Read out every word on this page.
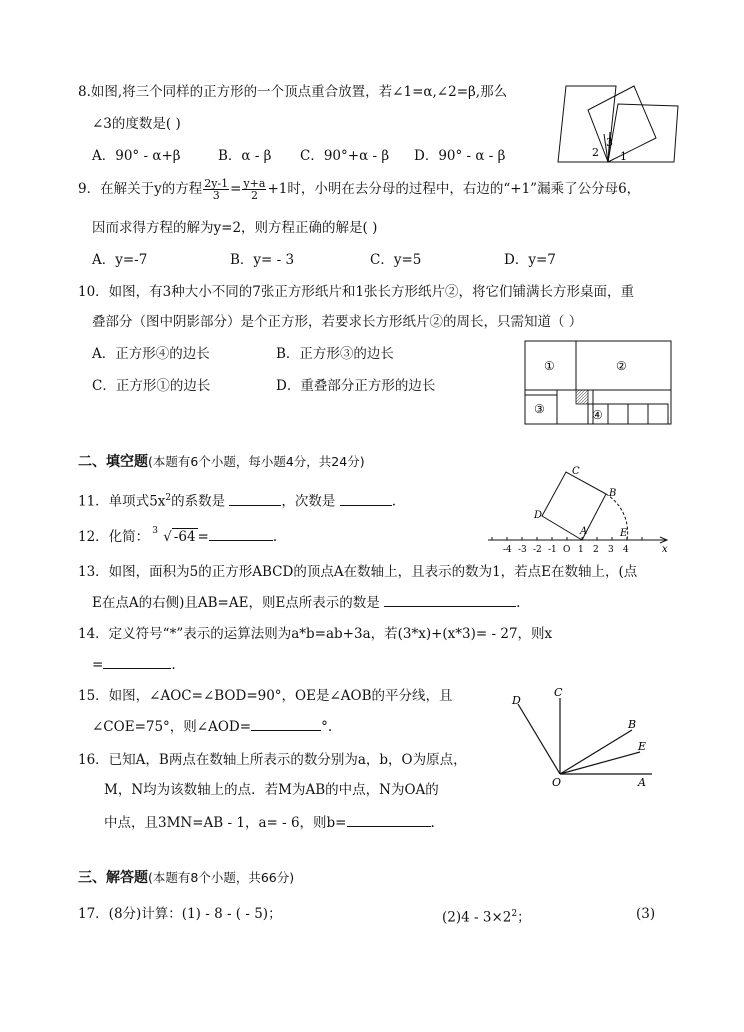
8.如图,将三个同样的正方形的一个顶点重合放置，若∠1=α,∠2=β,那么
∠3的度数是( )
A．90° - α+β	B．α - β C．90°+α - β D．90° - α - β
3
2 1
9．在解关于y的方程 $\frac{2y-1}{3} = \frac{y+a}{2} +1$时，小明在去分母的过程中，右边的“+1”漏乘了公分母6，
因而求得方程的解为y=2，则方程正确的解是( )
A．y=-7	B．y= - 3	C．y=5	D．y=7
10．如图，有3种大小不同的7张正方形纸片和1张长方形纸片②，将它们铺满长方形桌面，重
叠部分（图中阴影部分）是个正方形，若要求长方形纸片②的周长，只需知道（ ）
A．正方形④的边长	B．正方形③的边长
C．正方形①的边长	D．重叠部分正方形的边长
①	②
③	④
二、填空题(本题有6个小题，每小题4分，共24分)
11．单项式$5x^2$的系数是	，次数是	.
12．化简： 3 √ -64 =	.
C
B
D
A	E
-4 -3 -2 -1 O 1 2 3 4	x
13．如图，面积为5的正方形ABCD的顶点A在数轴上，且表示的数为1，若点E在数轴上，(点
E在点A的右侧)且AB=AE，则E点所表示的数是	.
14．定义符号“*”表示的运算法则为a*b=ab+3a，若(3*x)+(x*3)= - 27，则x
=	.
15．如图，∠AOC=∠BOD=90°，OE是∠AOB的平分线，且
∠COE=75°，则∠AOD=	°.
D
C
B
E
O	A
16．已知A，B两点在数轴上所表示的数分别为a，b，O为原点，
M，N均为该数轴上的点．若M为AB的中点，N为OA的
中点，且3MN=AB - 1，a= - 6，则b=	.
三、解答题(本题有8个小题，共66分)
17．(8分)计算：(1) - 8 - ( - 5)；	$(2)4 - 3\times 2^2$；	(3)
